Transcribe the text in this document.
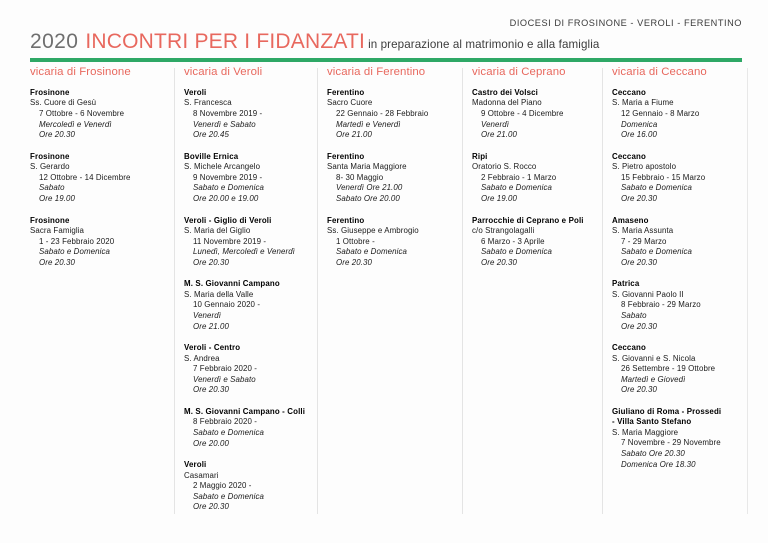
DIOCESI DI FROSINONE - VEROLI - FERENTINO
2020 INCONTRI PER I FIDANZATI in preparazione al matrimonio e alla famiglia
vicaria di Frosinone
Frosinone
Ss. Cuore di Gesù
7 Ottobre - 6 Novembre
Mercoledì e Venerdì
Ore 20.30
Frosinone
S. Gerardo
12 Ottobre - 14 Dicembre
Sabato
Ore 19.00
Frosinone
Sacra Famiglia
1 - 23 Febbraio 2020
Sabato e Domenica
Ore 20.30
vicaria di Veroli
Veroli
S. Francesca
8 Novembre 2019 -
Venerdì e Sabato
Ore 20.45
Boville Ernica
S. Michele Arcangelo
9 Novembre 2019 -
Sabato e Domenica
Ore 20.00 e 19.00
Veroli - Giglio di Veroli
S. Maria del Giglio
11 Novembre 2019 -
Lunedì, Mercoledì e Venerdì
Ore 20.30
M. S. Giovanni Campano
S. Maria della Valle
10 Gennaio 2020 -
Venerdì
Ore 21.00
Veroli - Centro
S. Andrea
7 Febbraio 2020 -
Venerdì e Sabato
Ore 20.30
M. S. Giovanni Campano - Colli
8 Febbraio 2020 -
Sabato e Domenica
Ore 20.00
Veroli
Casamari
2 Maggio 2020 -
Sabato e Domenica
Ore 20.30
vicaria di Ferentino
Ferentino
Sacro Cuore
22 Gennaio - 28 Febbraio
Martedì e Venerdì
Ore 21.00
Ferentino
Santa Maria Maggiore
8- 30 Maggio
Venerdì Ore 21.00
Sabato Ore 20.00
Ferentino
Ss. Giuseppe e Ambrogio
1 Ottobre -
Sabato e Domenica
Ore 20.30
vicaria di Ceprano
Castro dei Volsci
Madonna del Piano
9 Ottobre - 4 Dicembre
Venerdì
Ore 21.00
Ripi
Oratorio S. Rocco
2 Febbraio - 1 Marzo
Sabato e Domenica
Ore 19.00
Parrocchie di Ceprano e Poli
c/o Strangolagalli
6 Marzo - 3 Aprile
Sabato e Domenica
Ore 20.30
vicaria di Ceccano
Ceccano
S. Maria a Fiume
12 Gennaio - 8 Marzo
Domenica
Ore 16.00
Ceccano
S. Pietro apostolo
15 Febbraio - 15 Marzo
Sabato e Domenica
Ore 20.30
Amaseno
S. Maria Assunta
7 - 29 Marzo
Sabato e Domenica
Ore 20.30
Patrica
S. Giovanni Paolo II
8 Febbraio - 29 Marzo
Sabato
Ore 20.30
Ceccano
S. Giovanni e S. Nicola
26 Settembre - 19 Ottobre
Martedì e Giovedì
Ore 20.30
Giuliano di Roma - Prossedi
- Villa Santo Stefano
S. Maria Maggiore
7 Novembre - 29 Novembre
Sabato Ore 20.30
Domenica Ore 18.30
